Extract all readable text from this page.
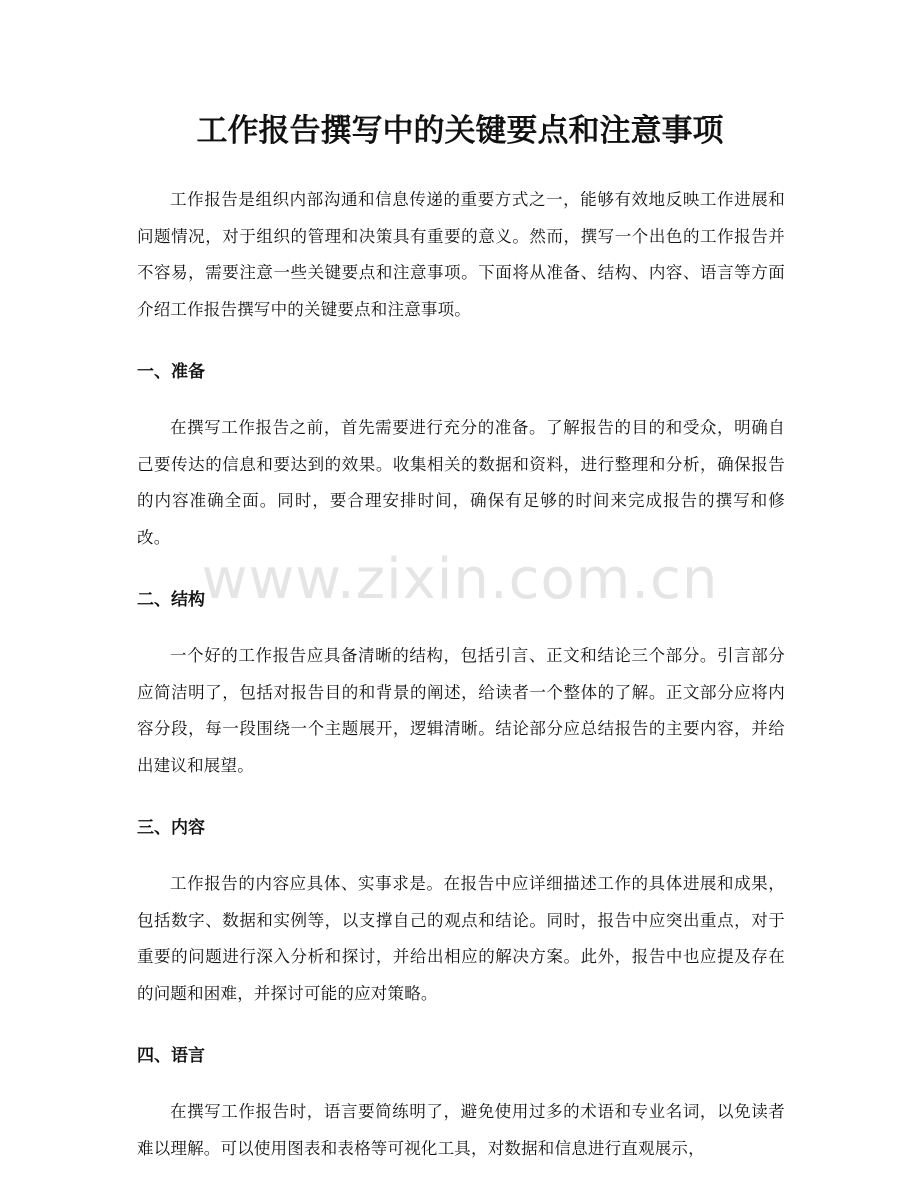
工作报告撰写中的关键要点和注意事项

工作报告是组织内部沟通和信息传递的重要方式之一，能够有效地反映工作进展和问题情况，对于组织的管理和决策具有重要的意义。然而，撰写一个出色的工作报告并不容易，需要注意一些关键要点和注意事项。下面将从准备、结构、内容、语言等方面介绍工作报告撰写中的关键要点和注意事项。

一、准备

在撰写工作报告之前，首先需要进行充分的准备。了解报告的目的和受众，明确自己要传达的信息和要达到的效果。收集相关的数据和资料，进行整理和分析，确保报告的内容准确全面。同时，要合理安排时间，确保有足够的时间来完成报告的撰写和修改。

二、结构

一个好的工作报告应具备清晰的结构，包括引言、正文和结论三个部分。引言部分应简洁明了，包括对报告目的和背景的阐述，给读者一个整体的了解。正文部分应将内容分段，每一段围绕一个主题展开，逻辑清晰。结论部分应总结报告的主要内容，并给出建议和展望。

三、内容

工作报告的内容应具体、实事求是。在报告中应详细描述工作的具体进展和成果，包括数字、数据和实例等，以支撑自己的观点和结论。同时，报告中应突出重点，对于重要的问题进行深入分析和探讨，并给出相应的解决方案。此外，报告中也应提及存在的问题和困难，并探讨可能的应对策略。

四、语言

在撰写工作报告时，语言要简练明了，避免使用过多的术语和专业名词，以免读者难以理解。可以使用图表和表格等可视化工具，对数据和信息进行直观展示，

www.zixin.com.cn
